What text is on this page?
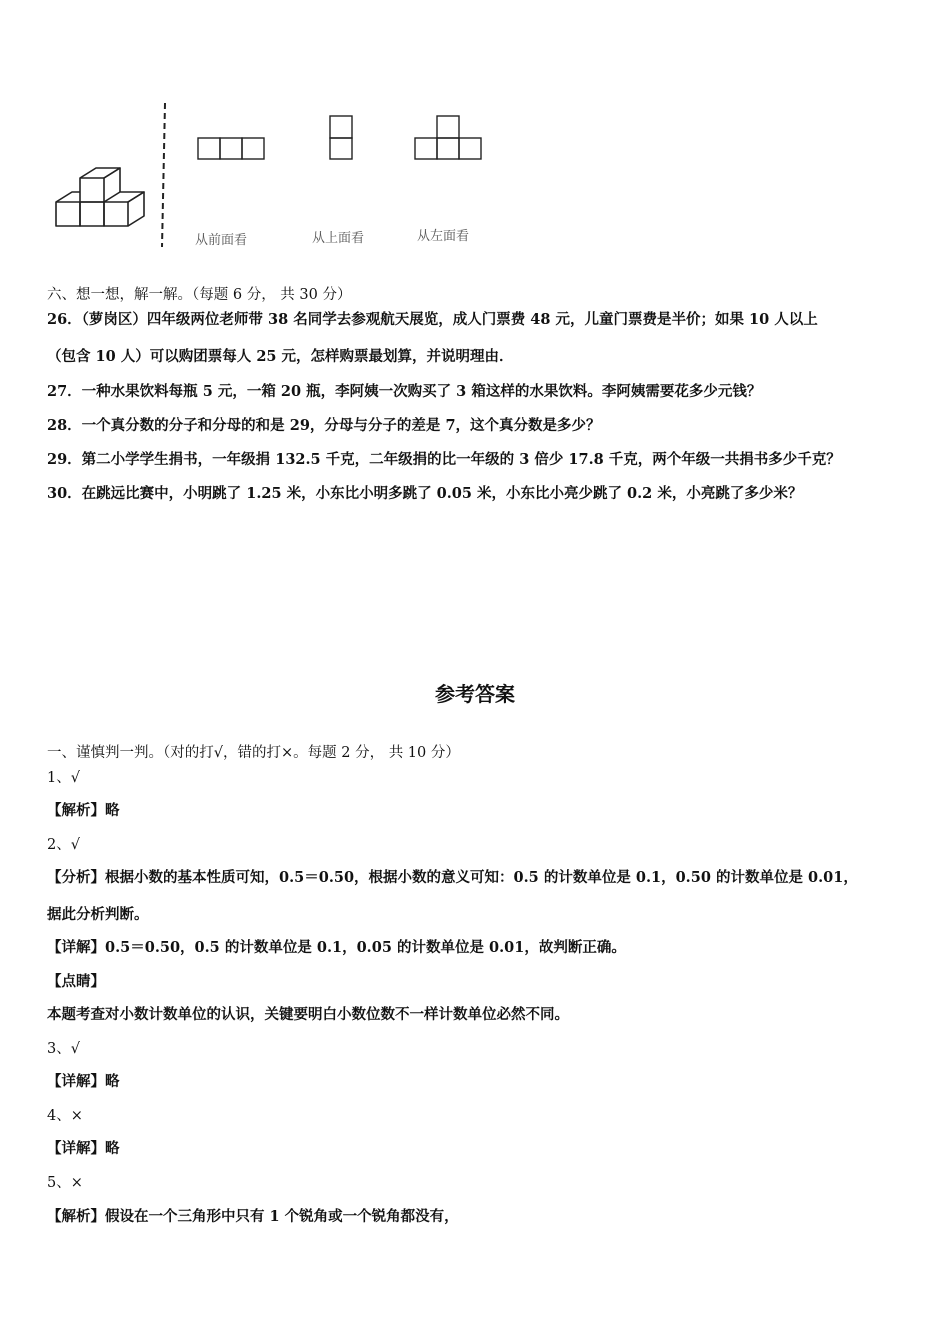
从前面看	从上面看	从左面看
六、想一想，解一解。（每题 6 分， 共 30 分）
26．（萝岗区）四年级两位老师带 38 名同学去参观航天展览，成人门票费 48 元，儿童门票费是半价；如果 10 人以上
（包含 10 人）可以购团票每人 25 元，怎样购票最划算，并说明理由．
27．一种水果饮料每瓶 5 元，一箱 20 瓶，李阿姨一次购买了 3 箱这样的水果饮料。李阿姨需要花多少元钱？
28．一个真分数的分子和分母的和是 29，分母与分子的差是 7，这个真分数是多少？
29．第二小学学生捐书，一年级捐 132.5 千克，二年级捐的比一年级的 3 倍少 17.8 千克，两个年级一共捐书多少千克？
30．在跳远比赛中，小明跳了 1.25 米，小东比小明多跳了 0.05 米，小东比小亮少跳了 0.2 米，小亮跳了多少米？
参考答案
一、谨慎判一判。（对的打√，错的打×。每题 2 分， 共 10 分）
1、√
【解析】略
2、√
【分析】根据小数的基本性质可知，0.5＝0.50，根据小数的意义可知：0.5 的计数单位是 0.1，0.50 的计数单位是 0.01，
据此分析判断。
【详解】0.5＝0.50，0.5 的计数单位是 0.1，0.05 的计数单位是 0.01，故判断正确。
【点睛】
本题考查对小数计数单位的认识，关键要明白小数位数不一样计数单位必然不同。
3、√
【详解】略
4、×
【详解】略
5、×
【解析】假设在一个三角形中只有 1 个锐角或一个锐角都没有，
